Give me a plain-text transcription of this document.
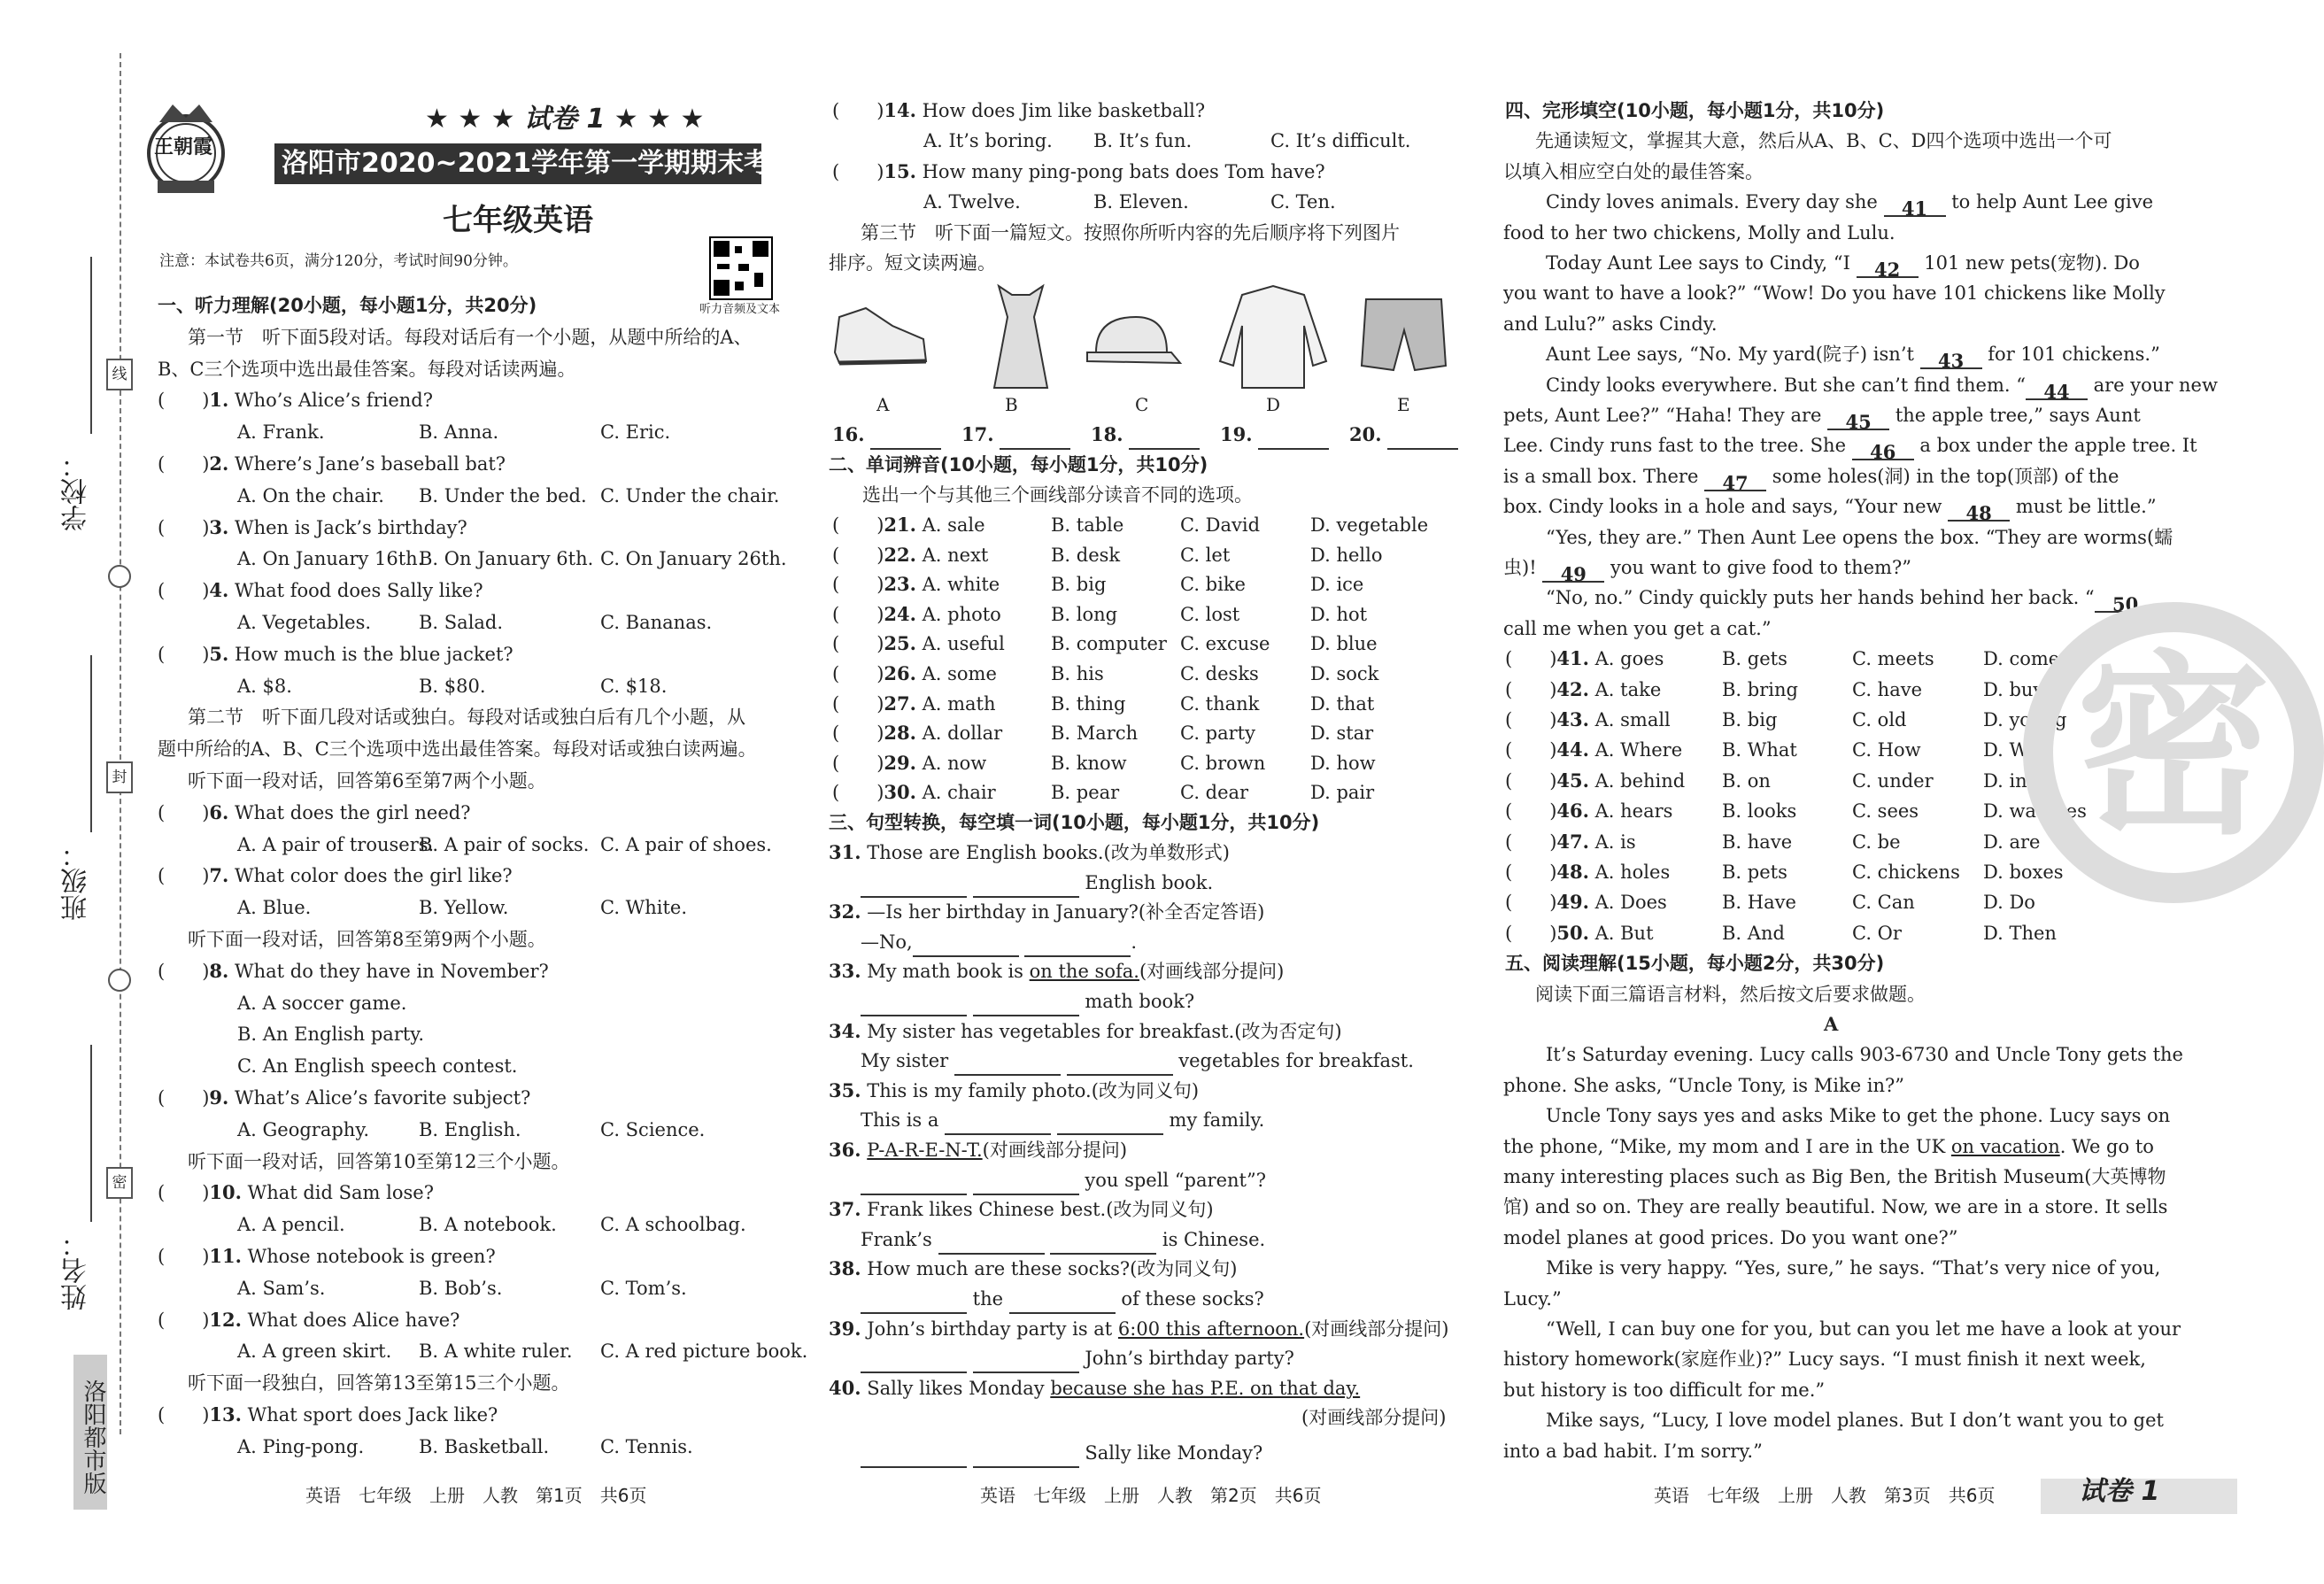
学校：
班级：
姓名：
线
封
密
洛阳都市版
王朝霞
★ ★ ★ 试卷 1 ★ ★ ★
洛阳市2020~2021学年第一学期期末考试试卷
七年级英语
注意：本试卷共6页，满分120分，考试时间90分钟。
听力音频及文本
一、听力理解(20小题，每小题1分，共20分)
第一节　听下面5段对话。每段对话后有一个小题，从题中所给的A、
B、C三个选项中选出最佳答案。每段对话读两遍。
(　　)1. Who’s Alice’s friend?
A. Frank.	B. Anna.	C. Eric.
(　　)2. Where’s Jane’s baseball bat?
A. On the chair. B. Under the bed. C. Under the chair.
(　　)3. When is Jack’s birthday?
A. On January 16th.
B. On January 6th. C. On January 26th.
(　　)4. What food does Sally like?
A. Vegetables.	B. Salad.	C. Bananas.
(　　)5. How much is the blue jacket?
A. $8.	B. $80.	C. $18.
第二节　听下面几段对话或独白。每段对话或独白后有几个小题，从
题中所给的A、B、C三个选项中选出最佳答案。每段对话或独白读两遍。
听下面一段对话，回答第6至第7两个小题。
(　　)6. What does the girl need?
A. A pair of trousers.
B. A pair of socks. C. A pair of shoes.
(　　)7. What color does the girl like?
A. Blue.	B. Yellow.	C. White.
听下面一段对话，回答第8至第9两个小题。
(　　)8. What do they have in November?
A. A soccer game.
B. An English party.
C. An English speech contest.
(　　)9. What’s Alice’s favorite subject?
A. Geography.	B. English.	C. Science.
听下面一段对话，回答第10至第12三个小题。
(　　)10. What did Sam lose?
A. A pencil.	B. A notebook. C. A schoolbag.
(　　)11. Whose notebook is green?
A. Sam’s.	B. Bob’s.	C. Tom’s.
(　　)12. What does Alice have?
A. A green skirt. B. A white ruler. C. A red picture book.
听下面一段独白，回答第13至第15三个小题。
(　　)13. What sport does Jack like?
A. Ping-pong.	B. Basketball.	C. Tennis.
(　　)14. How does Jim like basketball?
A. It’s boring. B. It’s fun.	C. It’s difficult.
(　　)15. How many ping-pong bats does Tom have?
A. Twelve.	B. Eleven.	C. Ten.
第三节　听下面一篇短文。按照你所听内容的先后顺序将下列图片
排序。短文读两遍。
A	B	C	D	E
16.	17.	18.	19.	20.
二、单词辨音(10小题，每小题1分，共10分)
选出一个与其他三个画线部分读音不同的选项。
(　　)21. A. sale	B. table	C. David	D. vegetable
(　　)22. A. next	B. desk	C. let	D. hello
(　　)23. A. white	B. big	C. bike	D. ice
(　　)24. A. photo	B. long	C. lost	D. hot
(　　)25. A. useful B. computer C. excuse D. blue
(　　)26. A. some	B. his	C. desks	D. sock
(　　)27. A. math	B. thing	C. thank	D. that
(　　)28. A. dollar	B. March C. party	D. star
(　　)29. A. now	B. know	C. brown D. how
(　　)30. A. chair	B. pear	C. dear	D. pair
三、句型转换，每空填一词(10小题，每小题1分，共10分)
31. Those are English books.(改为单数形式)
English book.
32. —Is her birthday in January?(补全否定答语)
—No,	.
33. My math book is on the sofa.(对画线部分提问)
math book?
34. My sister has vegetables for breakfast.(改为否定句)
My sister	vegetables for breakfast.
35. This is my family photo.(改为同义句)
This is a	my family.
36. P-A-R-E-N-T.(对画线部分提问)
you spell “parent”?
37. Frank likes Chinese best.(改为同义句)
Frank’s	is Chinese.
38. How much are these socks?(改为同义句)
the	of these socks?
39. John’s birthday party is at 6:00 this afternoon.(对画线部分提问)
John’s birthday party?
40. Sally likes Monday because she has P.E. on that day.
(对画线部分提问)
Sally like Monday?
四、完形填空(10小题，每小题1分，共10分)
先通读短文，掌握其大意，然后从A、B、C、D四个选项中选出一个可
以填入相应空白处的最佳答案。
Cindy loves animals. Every day she 41 to help Aunt Lee give
food to her two chickens, Molly and Lulu.
Today Aunt Lee says to Cindy, “I 42 101 new pets(宠物). Do
you want to have a look?” “Wow! Do you have 101 chickens like Molly
and Lulu?” asks Cindy.
Aunt Lee says, “No. My yard(院子) isn’t 43 for 101 chickens.”
Cindy looks everywhere. But she can’t find them. “ 44 are your new
pets, Aunt Lee?” “Haha! They are 45 the apple tree,” says Aunt
Lee. Cindy runs fast to the tree. She 46 a box under the apple tree. It
is a small box. There 47 some holes(洞) in the top(顶部) of the
box. Cindy looks in a hole and says, “Your new 48 must be little.”
“Yes, they are.” Then Aunt Lee opens the box. “They are worms(蠕
虫)! 49 you want to give food to them?”
“No, no.” Cindy quickly puts her hands behind her back. “ 50
call me when you get a cat.”
(　　)41. A. goes	B. gets	C. meets	D. comes
(　　)42. A. take	B. bring	C. have	D. buy
(　　)43. A. small	B. big	C. old	D. young
(　　)44. A. Where B. What	C. How	D. Why
(　　)45. A. behind B. on	C. under	D. in
(　　)46. A. hears	B. looks	C. sees	D. watches
(　　)47. A. is	B. have	C. be	D. are
(　　)48. A. holes	B. pets	C. chickens D. boxes
(　　)49. A. Does	B. Have	C. Can	D. Do
(　　)50. A. But	B. And	C. Or	D. Then
五、阅读理解(15小题，每小题2分，共30分)
阅读下面三篇语言材料，然后按文后要求做题。
A
It’s Saturday evening. Lucy calls 903-6730 and Uncle Tony gets the
phone. She asks, “Uncle Tony, is Mike in?”
Uncle Tony says yes and asks Mike to get the phone. Lucy says on
the phone, “Mike, my mom and I are in the UK on vacation. We go to
many interesting places such as Big Ben, the British Museum(大英博物
馆) and so on. They are really beautiful. Now, we are in a store. It sells
model planes at good prices. Do you want one?”
Mike is very happy. “Yes, sure,” he says. “That’s very nice of you,
Lucy.”
“Well, I can buy one for you, but can you let me have a look at your
history homework(家庭作业)?” Lucy says. “I must finish it next week,
but history is too difficult for me.”
Mike says, “Lucy, I love model planes. But I don’t want you to get
into a bad habit. I’m sorry.”
密
英语　七年级　上册　人教　第1页　共6页	英语　七年级　上册　人教　第2页　共6页	英语　七年级　上册　人教　第3页　共6页	试卷 1
